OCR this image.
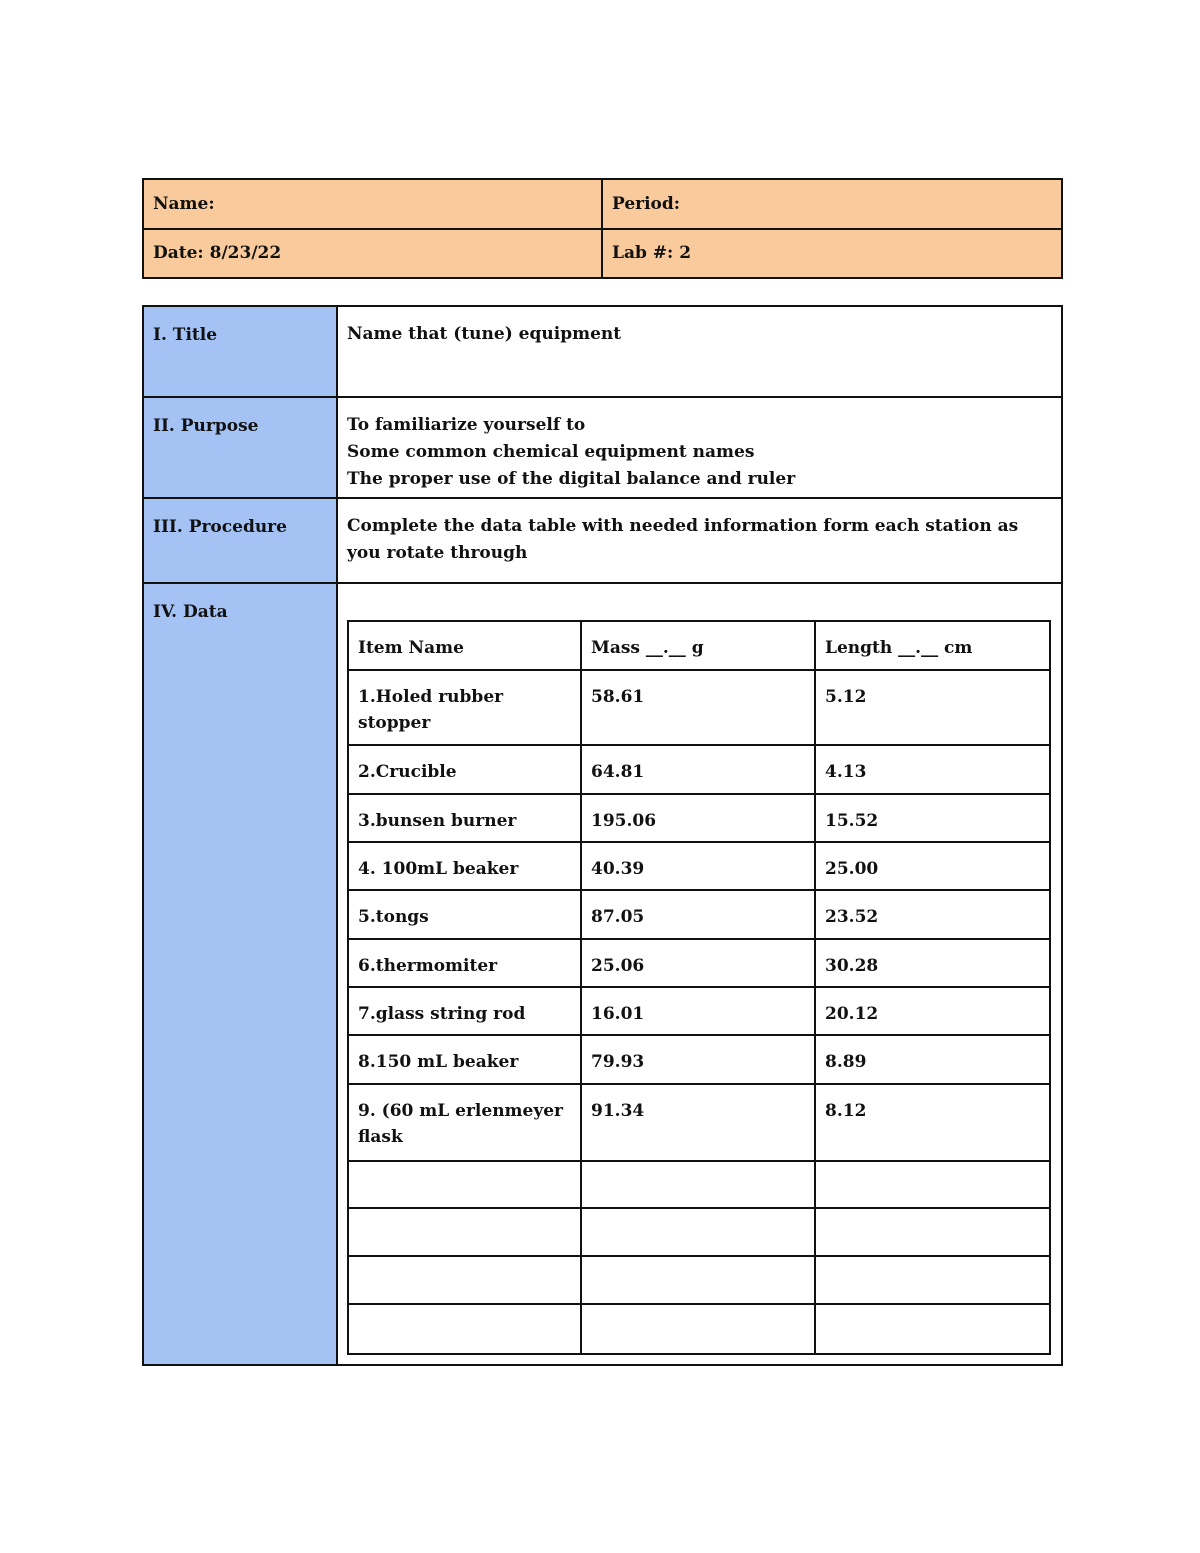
Name:	Period:
Date: 8/23/22	Lab #: 2
I. Title	Name that (tune) equipment
II. Purpose	To familiarize yourself to
Some common chemical equipment names
The proper use of the digital balance and ruler

III. Procedure	Complete the data table with needed information form each station as you rotate through
IV. Data	
Item Name	Mass __.__ g	Length __.__ cm
1.Holed rubber stopper	58.61	5.12
2.Crucible	64.81	4.13
3.bunsen burner	195.06	15.52
4. 100mL beaker	40.39	25.00
5.tongs	87.05	23.52
6.thermomiter	25.06	30.28
7.glass string rod	16.01	20.12
8.150 mL beaker	79.93	8.89
9. (60 mL erlenmeyer flask	91.34	8.12
